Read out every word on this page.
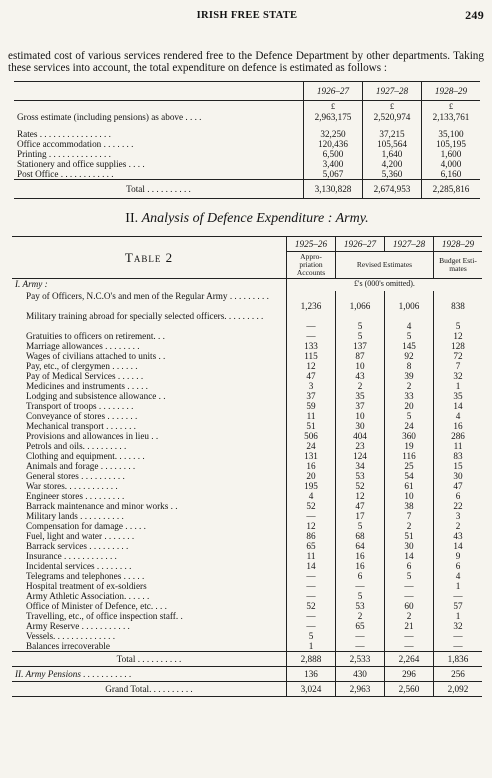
IRISH FREE STATE	249
estimated cost of various services rendered free to the Defence Department by other departments. Taking these services into account, the total expenditure on defence is estimated as follows :
	1926–27	1927–28	1928–29
	£	£	£
Gross estimate (including pensions) as above . . . .	2,963,175	2,520,974	2,133,761

Rates . . . . . . . . . . . . . . . .	32,250	37,215	35,100
Office accommodation . . . . . . .	120,436	105,564	105,195
Printing . . . . . . . . . . . . . .	6,500	1,640	1,600
Stationery and office supplies . . . .	3,400	4,200	4,000
Post Office . . . . . . . . . . . .	5,067	5,360	6,160
Total . . . . . . . . . .	3,130,828	2,674,953	2,285,816
II. Analysis of Defence Expenditure : Army.
Table 2	1925–26	1926–27	1927–28	1928–29
	Appro-priation Accounts	Revised Estimates		Budget Esti-mates
I. Army :	£'s (000's omitted).			
Pay of Officers, N.C.O's and men of the Regular Army . . . . . . . . .	1,236	1,066	1,006	838
Military training abroad for specially selected officers. . . . . . . . .	—	5	4	5
Gratuities to officers on retirement. . .	—	5	5	12
Marriage allowances . . . . . . . .	133	137	145	128
Wages of civilians attached to units . .	115	87	92	72
Pay, etc., of clergymen . . . . . .	12	10	8	7
Pay of Medical Services . . . . . .	47	43	39	32
Medicines and instruments . . . . .	3	2	2	1
Lodging and subsistence allowance . .	37	35	33	35
Transport of troops . . . . . . . .	59	37	20	14
Conveyance of stores . . . . . . .	11	10	5	4
Mechanical transport . . . . . . .	51	30	24	16
Provisions and allowances in lieu . .	506	404	360	286
Petrols and oils. . . . . . . . . .	24	23	19	11
Clothing and equipment. . . . . . .	131	124	116	83
Animals and forage . . . . . . . .	16	34	25	15
General stores . . . . . . . . . .	20	53	54	30
War stores. . . . . . . . . . . .	195	52	61	47
Engineer stores . . . . . . . . .	4	12	10	6
Barrack maintenance and minor works . .	52	47	38	22
Military lands . . . . . . . . . .	—	17	7	3
Compensation for damage . . . . .	12	5	2	2
Fuel, light and water . . . . . . .	86	68	51	43
Barrack services . . . . . . . . .	65	64	30	14
Insurance . . . . . . . . . . . .	11	16	14	9
Incidental services . . . . . . . .	14	16	6	6
Telegrams and telephones . . . . .	—	6	5	4
Hospital treatment of ex-soldiers	—	—	—	1
Army Athletic Association. . . . . .	—	5	—	—
Office of Minister of Defence, etc. . . .	52	53	60	57
Travelling, etc., of office inspection staff. .	—	2	2	1
Army Reserve . . . . . . . . . . .	—	65	21	32
Vessels. . . . . . . . . . . . . .	5	—	—	—
Balances irrecoverable	1	—	—	—
Total . . . . . . . . . .	2,888	2,533	2,264	1,836
II. Army Pensions . . . . . . . . . . .	136	430	296	256
Grand Total. . . . . . . . . .	3,024	2,963	2,560	2,092
